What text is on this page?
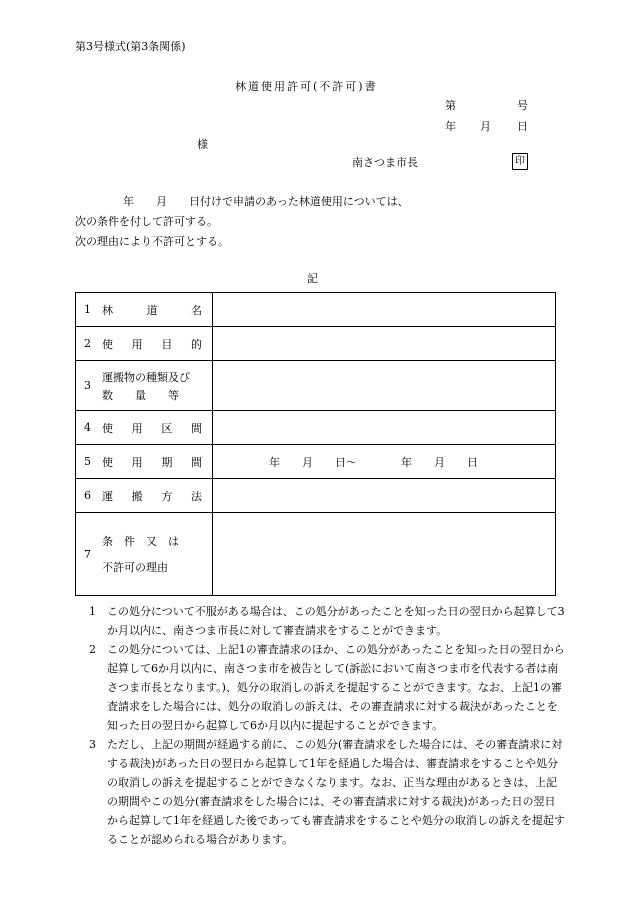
第3号様式(第3条関係)
林道使用許可(不許可)書
第	号
年 月 日
様
南さつま市長	印

年　　月　　日付けで申請のあった林道使用については、

次の条件を付して許可する。

次の理由により不許可とする。

記
1 林 道 名	

2 使 用 目 的	

3
運搬物の種類及び
数　　量　　等	

4 使 用 区 間	

5 使 用 期 間	年　　月　　日〜　　　　年　　月　　日

6 運 搬 方 法	

7
条　件　又　は
不許可の理由	

1	この処分について不服がある場合は、この処分があったことを知った日の翌日から起算して3か月以内に、南さつま市長に対して審査請求をすることができます。

2	この処分については、上記1の審査請求のほか、この処分があったことを知った日の翌日から起算して6か月以内に、南さつま市を被告として(訴訟において南さつま市を代表する者は南さつま市長となります。)、処分の取消しの訴えを提起することができます。なお、上記1の審査請求をした場合には、処分の取消しの訴えは、その審査請求に対する裁決があったことを知った日の翌日から起算して6か月以内に提起することができます。

3	ただし、上記の期間が経過する前に、この処分(審査請求をした場合には、その審査請求に対する裁決)があった日の翌日から起算して1年を経過した場合は、審査請求をすることや処分の取消しの訴えを提起することができなくなります。なお、正当な理由があるときは、上記の期間やこの処分(審査請求をした場合には、その審査請求に対する裁決)があった日の翌日から起算して1年を経過した後であっても審査請求をすることや処分の取消しの訴えを提起することが認められる場合があります。
